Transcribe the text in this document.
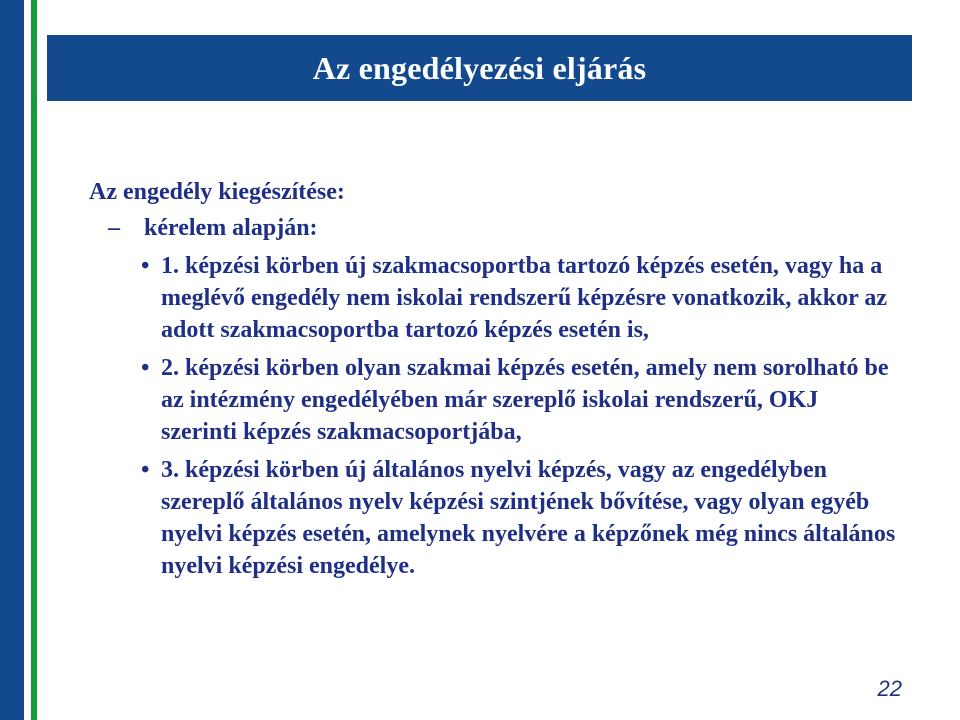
Az engedélyezési eljárás

Az engedély kiegészítése:

–	kérelem alapján:
• 1. képzési körben új szakmacsoportba tartozó képzés esetén, vagy ha a meglévő engedély nem iskolai rendszerű képzésre vonatkozik, akkor az adott szakmacsoportba tartozó képzés esetén is,
• 2. képzési körben olyan szakmai képzés esetén, amely nem sorolható be az intézmény engedélyében már szereplő iskolai rendszerű, OKJ szerinti képzés szakmacsoportjába,
• 3. képzési körben új általános nyelvi képzés, vagy az engedélyben szereplő általános nyelv képzési szintjének bővítése, vagy olyan egyéb nyelvi képzés esetén, amelynek nyelvére a képzőnek még nincs általános nyelvi képzési engedélye.
22
